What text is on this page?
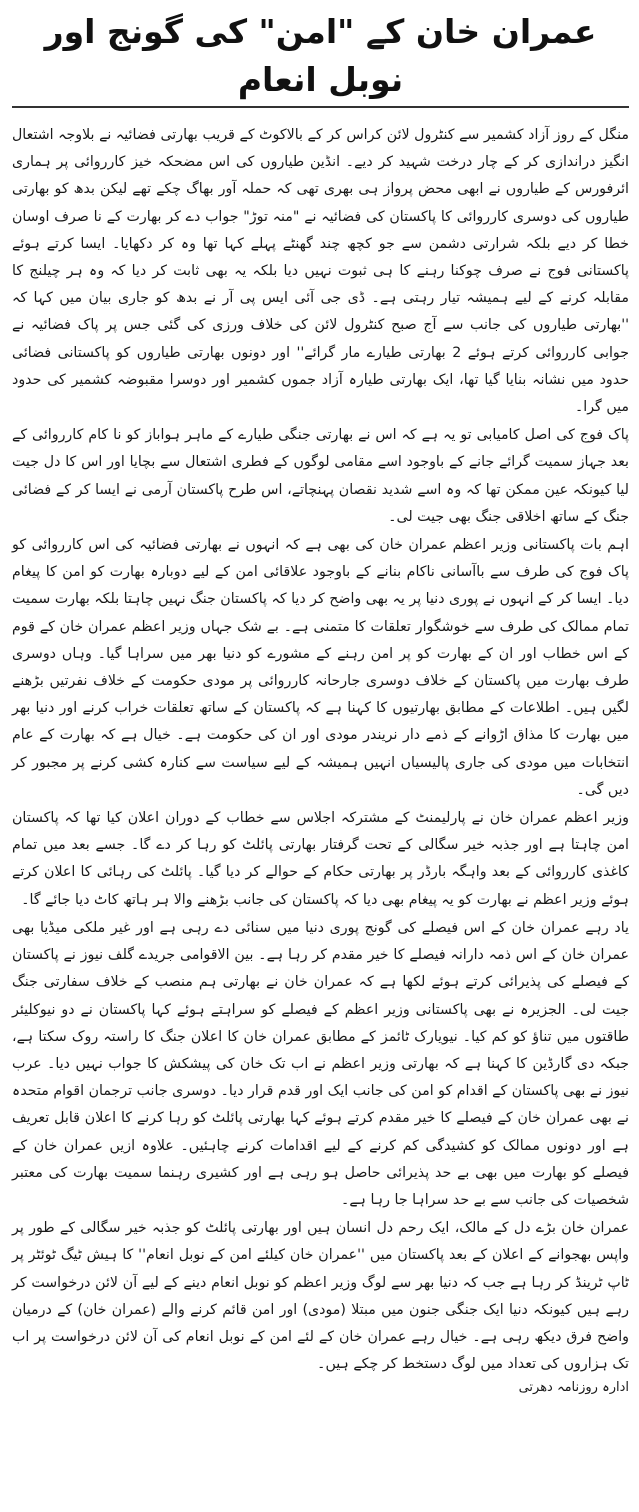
عمران خان کے "امن" کی گونج اور نوبل انعام

منگل کے روز آزاد کشمیر سے کنٹرول لائن کراس کر کے بالاکوٹ کے قریب بھارتی فضائیہ نے بلاوجہ اشتعال انگیز دراندازی کر کے چار درخت شہید کر دیے۔ انڈین طیاروں کی اس مضحکہ خیز کارروائی پر ہماری ائرفورس کے طیاروں نے ابھی محض پرواز ہی بھری تھی کہ حملہ آور بھاگ چکے تھے لیکن بدھ کو بھارتی طیاروں کی دوسری کارروائی کا پاکستان کی فضائیہ نے "منہ توڑ" جواب دے کر بھارت کے نا صرف اوسان خطا کر دیے بلکہ شرارتی دشمن سے جو کچھ چند گھنٹے پہلے کہا تھا وہ کر دکھایا۔ ایسا کرتے ہوئے پاکستانی فوج نے صرف چوکنا رہنے کا ہی ثبوت نہیں دیا بلکہ یہ بھی ثابت کر دیا کہ وہ ہر چیلنج کا مقابلہ کرنے کے لیے ہمیشہ تیار رہتی ہے۔ ڈی جی آئی ایس پی آر نے بدھ کو جاری بیان میں کہا کہ ''بھارتی طیاروں کی جانب سے آج صبح کنٹرول لائن کی خلاف ورزی کی گئی جس پر پاک فضائیہ نے جوابی کارروائی کرتے ہوئے 2 بھارتی طیارے مار گرائے'' اور دونوں بھارتی طیاروں کو پاکستانی فضائی حدود میں نشانہ بنایا گیا تھا، ایک بھارتی طیارہ آزاد جموں کشمیر اور دوسرا مقبوضہ کشمیر کی حدود میں گرا۔

پاک فوج کی اصل کامیابی تو یہ ہے کہ اس نے بھارتی جنگی طیارے کے ماہر ہواباز کو نا کام کارروائی کے بعد جہاز سمیت گرائے جانے کے باوجود اسے مقامی لوگوں کے فطری اشتعال سے بچایا اور اس کا دل جیت لیا کیونکہ عین ممکن تھا کہ وہ اسے شدید نقصان پہنچاتے، اس طرح پاکستان آرمی نے ایسا کر کے فضائی جنگ کے ساتھ اخلاقی جنگ بھی جیت لی۔

اہم بات پاکستانی وزیر اعظم عمران خان کی بھی ہے کہ انہوں نے بھارتی فضائیہ کی اس کارروائی کو پاک فوج کی طرف سے باآسانی ناکام بنانے کے باوجود علاقائی امن کے لیے دوبارہ بھارت کو امن کا پیغام دیا۔ ایسا کر کے انہوں نے پوری دنیا پر یہ بھی واضح کر دیا کہ پاکستان جنگ نہیں چاہتا بلکہ بھارت سمیت تمام ممالک کی طرف سے خوشگوار تعلقات کا متمنی ہے۔ بے شک جہاں وزیر اعظم عمران خان کے قوم کے اس خطاب اور ان کے بھارت کو پر امن رہنے کے مشورے کو دنیا بھر میں سراہا گیا۔ وہاں دوسری طرف بھارت میں پاکستان کے خلاف دوسری جارحانہ کارروائی پر مودی حکومت کے خلاف نفرتیں بڑھنے لگیں ہیں۔ اطلاعات کے مطابق بھارتیوں کا کہنا ہے کہ پاکستان کے ساتھ تعلقات خراب کرنے اور دنیا بھر میں بھارت کا مذاق اڑوانے کے ذمے دار نریندر مودی اور ان کی حکومت ہے۔ خیال ہے کہ بھارت کے عام انتخابات میں مودی کی جاری پالیسیاں انہیں ہمیشہ کے لیے سیاست سے کنارہ کشی کرنے پر مجبور کر دیں گی۔

وزیر اعظم عمران خان نے پارلیمنٹ کے مشترکہ اجلاس سے خطاب کے دوران اعلان کیا تھا کہ پاکستان امن چاہتا ہے اور جذبہ خیر سگالی کے تحت گرفتار بھارتی پائلٹ کو رہا کر دے گا۔ جسے بعد میں تمام کاغذی کارروائی کے بعد واہگہ بارڈر پر بھارتی حکام کے حوالے کر دیا گیا۔ پائلٹ کی رہائی کا اعلان کرتے ہوئے وزیر اعظم نے بھارت کو یہ پیغام بھی دیا کہ پاکستان کی جانب بڑھنے والا ہر ہاتھ کاٹ دیا جائے گا۔

یاد رہے عمران خان کے اس فیصلے کی گونج پوری دنیا میں سنائی دے رہی ہے اور غیر ملکی میڈیا بھی عمران خان کے اس ذمہ دارانہ فیصلے کا خیر مقدم کر رہا ہے۔ بین الاقوامی جریدے گلف نیوز نے پاکستان کے فیصلے کی پذیرائی کرتے ہوئے لکھا ہے کہ عمران خان نے بھارتی ہم منصب کے خلاف سفارتی جنگ جیت لی۔ الجزیرہ نے بھی پاکستانی وزیر اعظم کے فیصلے کو سراہتے ہوئے کہا پاکستان نے دو نیوکلیئر طاقتوں میں تناؤ کو کم کیا۔ نیویارک ٹائمز کے مطابق عمران خان کا اعلان جنگ کا راستہ روک سکتا ہے، جبکہ دی گارڈین کا کہنا ہے کہ بھارتی وزیر اعظم نے اب تک خان کی پیشکش کا جواب نہیں دیا۔ عرب نیوز نے بھی پاکستان کے اقدام کو امن کی جانب ایک اور قدم قرار دیا۔ دوسری جانب ترجمان اقوام متحدہ نے بھی عمران خان کے فیصلے کا خیر مقدم کرتے ہوئے کہا بھارتی پائلٹ کو رہا کرنے کا اعلان قابل تعریف ہے اور دونوں ممالک کو کشیدگی کم کرنے کے لیے اقدامات کرنے چاہئیں۔ علاوہ ازیں عمران خان کے فیصلے کو بھارت میں بھی بے حد پذیرائی حاصل ہو رہی ہے اور کشیری رہنما سمیت بھارت کی معتبر شخصیات کی جانب سے بے حد سراہا جا رہا ہے۔

عمران خان بڑے دل کے مالک، ایک رحم دل انسان ہیں اور بھارتی پائلٹ کو جذبہ خیر سگالی کے طور پر واپس بھجوانے کے اعلان کے بعد پاکستان میں ''عمران خان کیلئے امن کے نوبل انعام'' کا ہیش ٹیگ ٹوئٹر پر ٹاپ ٹرینڈ کر رہا ہے جب کہ دنیا بھر سے لوگ وزیر اعظم کو نوبل انعام دینے کے لیے آن لائن درخواست کر رہے ہیں کیونکہ دنیا ایک جنگی جنون میں مبتلا (مودی) اور امن قائم کرنے والے (عمران خان) کے درمیان واضح فرق دیکھ رہی ہے۔ خیال رہے عمران خان کے لئے امن کے نوبل انعام کی آن لائن درخواست پر اب تک ہزاروں کی تعداد میں لوگ دستخط کر چکے ہیں۔

ادارہ روزنامہ دھرتی
